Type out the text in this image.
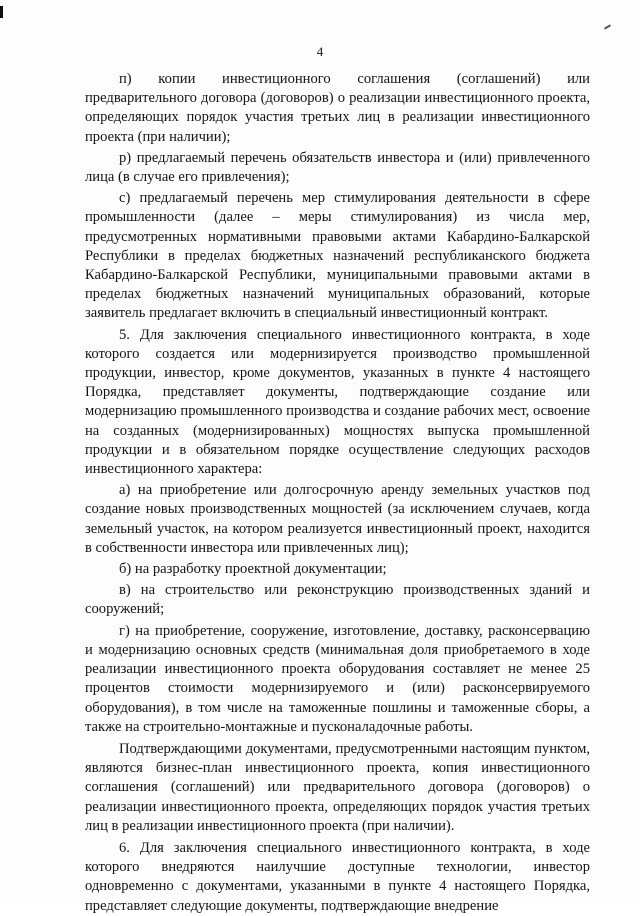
4

п) копии инвестиционного соглашения (соглашений) или предварительного договора (договоров) о реализации инвестиционного проекта, определяющих порядок участия третьих лиц в реализации инвестиционного проекта (при наличии);

р) предлагаемый перечень обязательств инвестора и (или) привлеченного лица (в случае его привлечения);

с) предлагаемый перечень мер стимулирования деятельности в сфере промышленности (далее – меры стимулирования) из числа мер, предусмотренных нормативными правовыми актами Кабардино-Балкарской Республики в пределах бюджетных назначений республиканского бюджета Кабардино-Балкарской Республики, муниципальными правовыми актами в пределах бюджетных назначений муниципальных образований, которые заявитель предлагает включить в специальный инвестиционный контракт.

5. Для заключения специального инвестиционного контракта, в ходе которого создается или модернизируется производство промышленной продукции, инвестор, кроме документов, указанных в пункте 4 настоящего Порядка, представляет документы, подтверждающие создание или модернизацию промышленного производства и создание рабочих мест, освоение на созданных (модернизированных) мощностях выпуска промышленной продукции и в обязательном порядке осуществление следующих расходов инвестиционного характера:

а) на приобретение или долгосрочную аренду земельных участков под создание новых производственных мощностей (за исключением случаев, когда земельный участок, на котором реализуется инвестиционный проект, находится в собственности инвестора или привлеченных лиц);

б) на разработку проектной документации;

в) на строительство или реконструкцию производственных зданий и сооружений;

г) на приобретение, сооружение, изготовление, доставку, расконсервацию и модернизацию основных средств (минимальная доля приобретаемого в ходе реализации инвестиционного проекта оборудования составляет не менее 25 процентов стоимости модернизируемого и (или) расконсервируемого оборудования), в том числе на таможенные пошлины и таможенные сборы, а также на строительно-монтажные и пусконаладочные работы.

Подтверждающими документами, предусмотренными настоящим пунктом, являются бизнес-план инвестиционного проекта, копия инвестиционного соглашения (соглашений) или предварительного договора (договоров) о реализации инвестиционного проекта, определяющих порядок участия третьих лиц в реализации инвестиционного проекта (при наличии).

6. Для заключения специального инвестиционного контракта, в ходе которого внедряются наилучшие доступные технологии, инвестор одновременно с документами, указанными в пункте 4 настоящего Порядка, представляет следующие документы, подтверждающие внедрение
